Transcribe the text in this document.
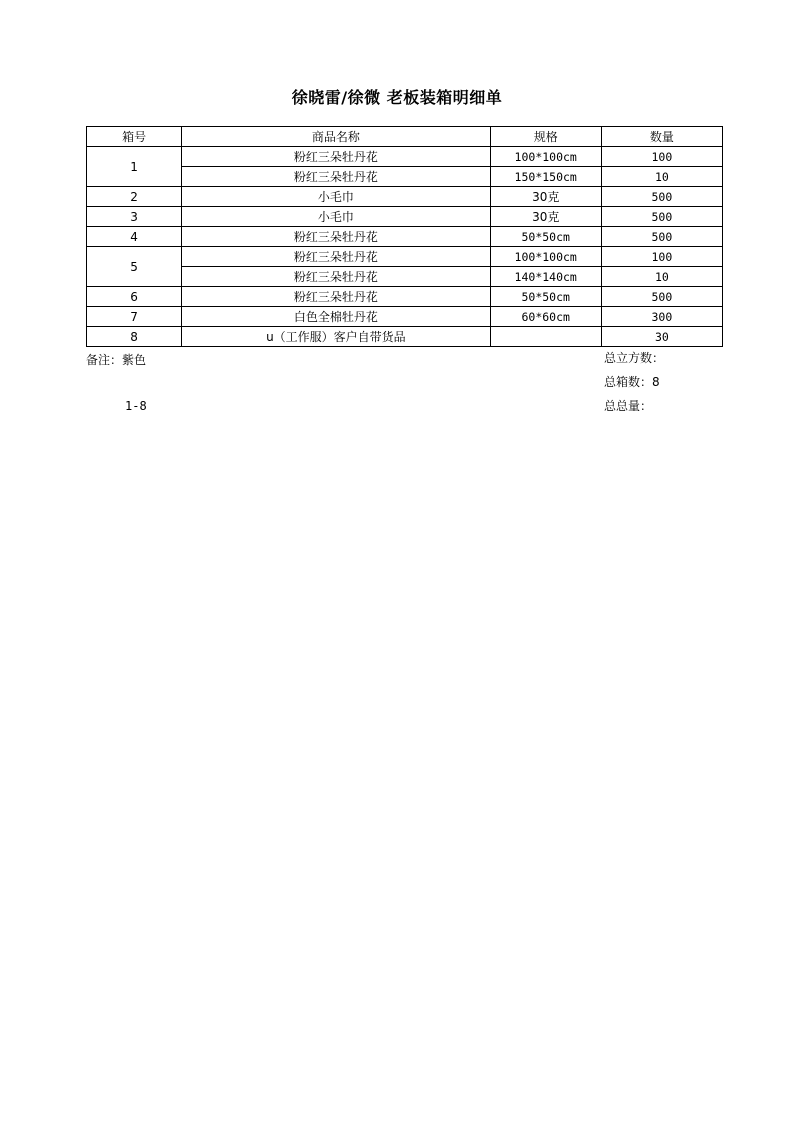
徐晓雷/徐微 老板装箱明细单
箱号	商品名称	规格	数量
1	粉红三朵牡丹花	100*100cm	100
	粉红三朵牡丹花	150*150cm	10
2	小毛巾	30克	500
3	小毛巾	30克	500
4	粉红三朵牡丹花	50*50cm	500
5	粉红三朵牡丹花	100*100cm	100
	粉红三朵牡丹花	140*140cm	10
6	粉红三朵牡丹花	50*50cm	500
7	白色全棉牡丹花	60*60cm	300
8	u（工作服）客户自带货品		30
备注：紫色
1-8
总立方数：
总箱数：8
总总量：
